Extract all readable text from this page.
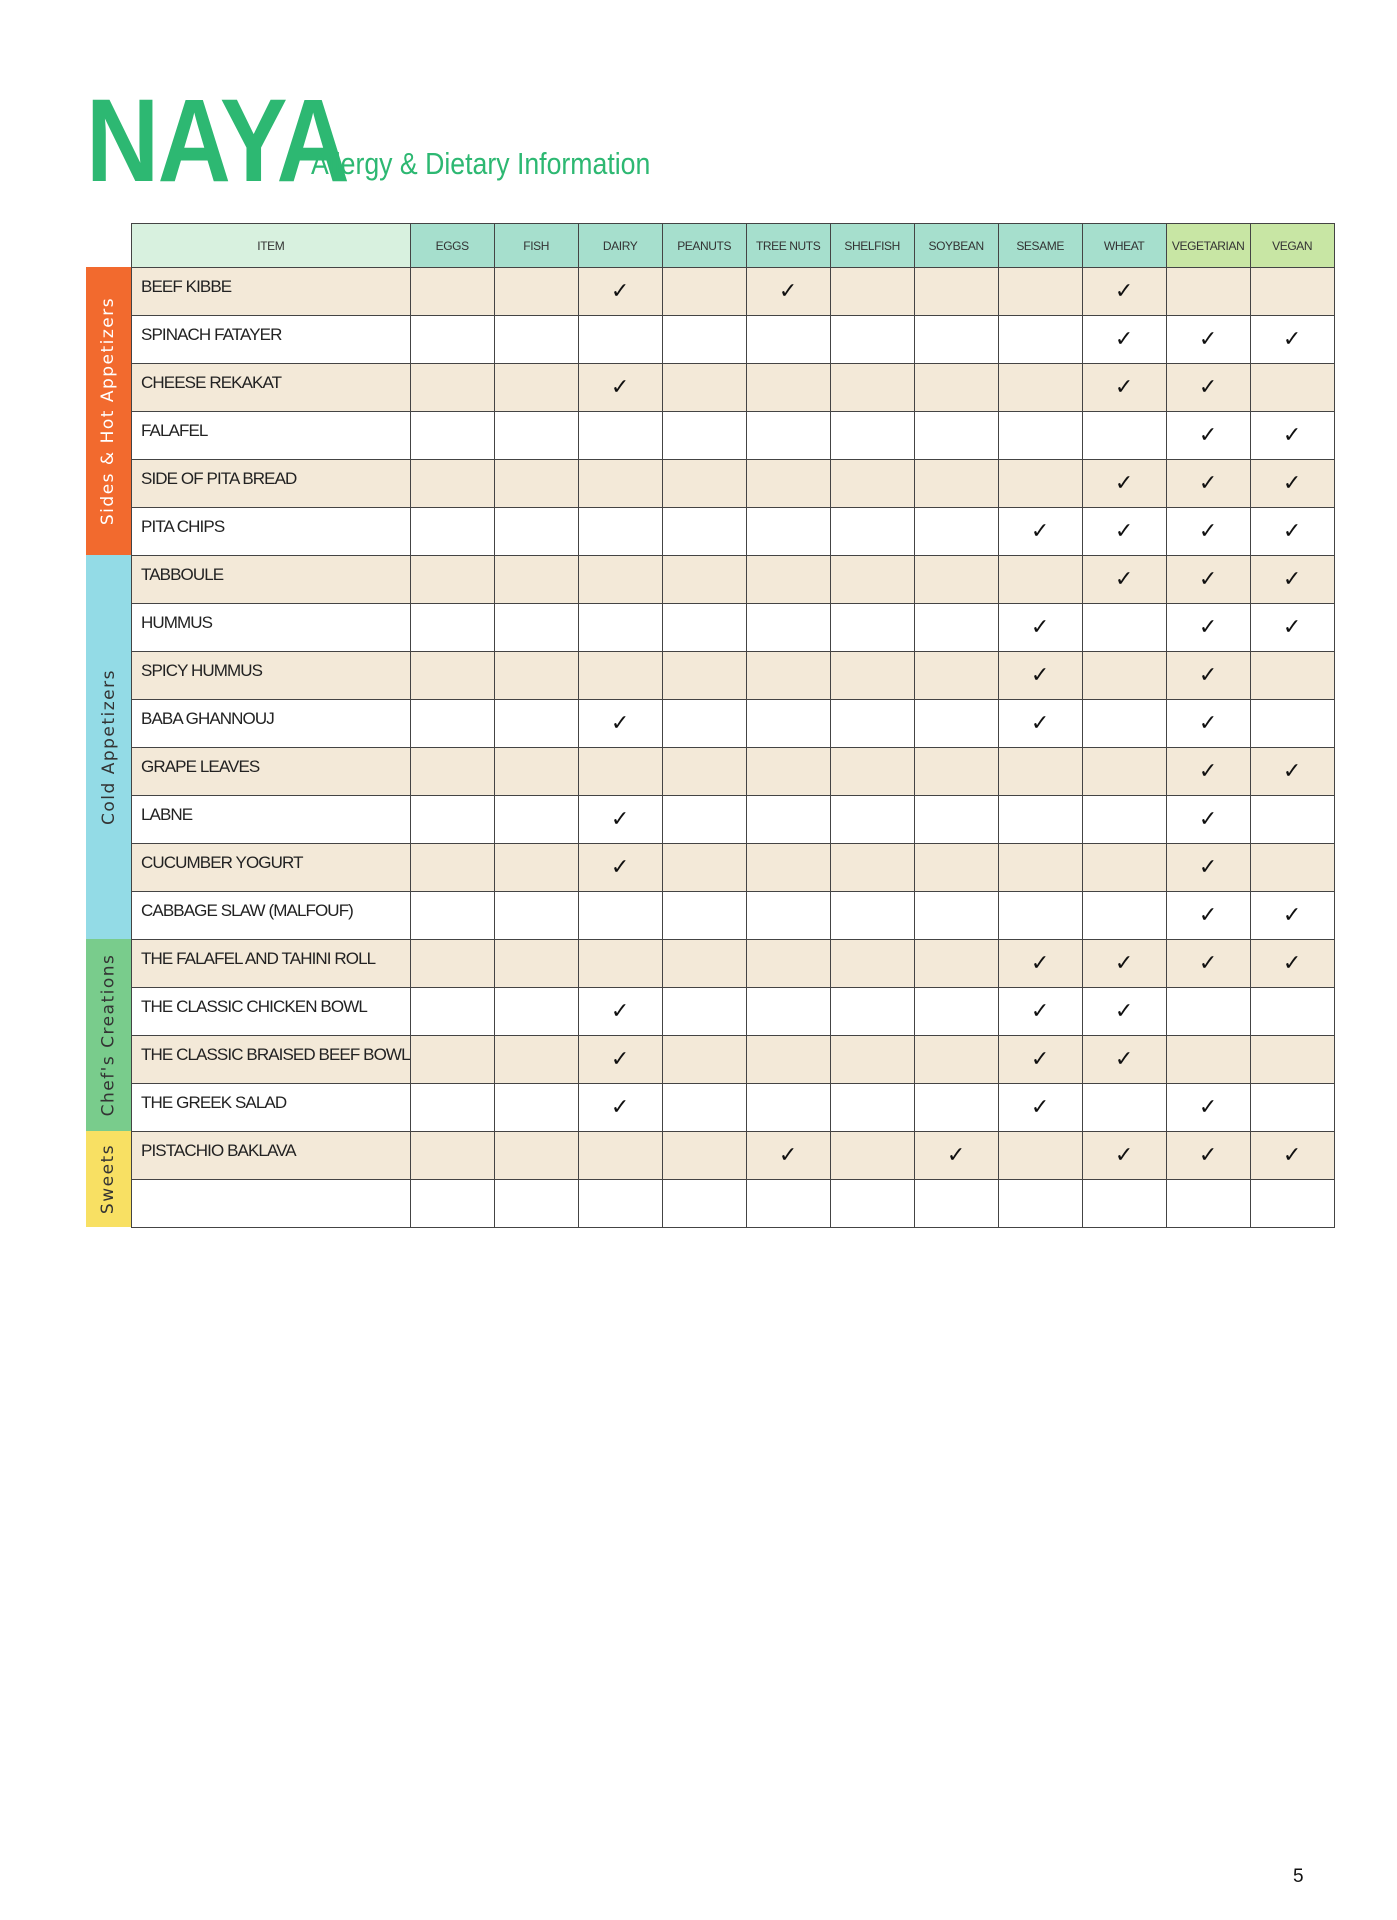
NAYA
Allergy & Dietary Information
ITEM	EGGS	FISH	DAIRY	PEANUTS	TREE NUTS	SHELFISH	SOYBEAN	SESAME	WHEAT	VEGETARIAN	VEGAN
BEEF KIBBE			✓		✓				✓		
SPINACH FATAYER									✓	✓	✓
CHEESE REKAKAT			✓						✓	✓	
FALAFEL										✓	✓
SIDE OF PITA BREAD									✓	✓	✓
PITA CHIPS								✓	✓	✓	✓
TABBOULE									✓	✓	✓
HUMMUS								✓		✓	✓
SPICY HUMMUS								✓		✓	
BABA GHANNOUJ			✓					✓		✓	
GRAPE LEAVES										✓	✓
LABNE			✓							✓	
CUCUMBER YOGURT			✓							✓	
CABBAGE SLAW (MALFOUF)										✓	✓
THE FALAFEL AND TAHINI ROLL								✓	✓	✓	✓
THE CLASSIC CHICKEN BOWL			✓					✓	✓		
THE CLASSIC BRAISED BEEF BOWL			✓					✓	✓		
THE GREEK SALAD			✓					✓		✓	
PISTACHIO BAKLAVA					✓		✓		✓	✓	✓

Sides & Hot Appetizers
Cold Appetizers
Chef's Creations
Sweets
5
